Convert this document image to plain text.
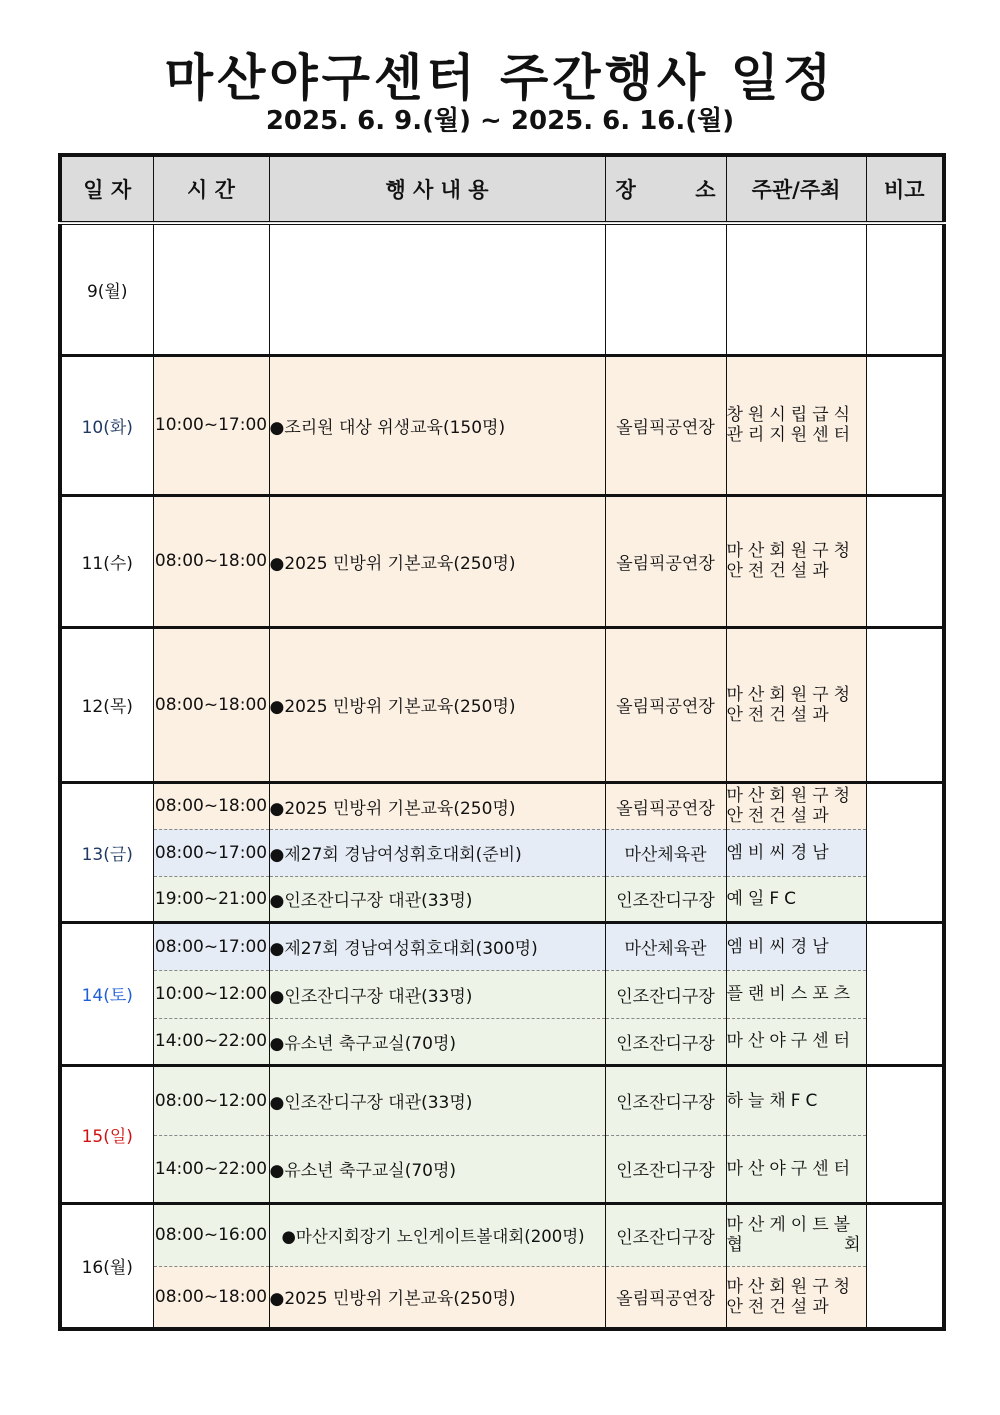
마산야구센터 주간행사 일정
2025. 6. 9.(월) ~ 2025. 6. 16.(월)
일 자	시 간	행 사 내 용	장 소	주관/주최	비고
9(월)					
10(화)	10:00~17:00	●조리원 대상 위생교육(150명)	올림픽공연장	창원시립급식
관리지원센터	

11(수)	08:00~18:00	●2025 민방위 기본교육(250명)	올림픽공연장	마산회원구청
안전건설과	

12(목)	08:00~18:00	●2025 민방위 기본교육(250명)	올림픽공연장	마산회원구청
안전건설과	

13(금)	08:00~18:00	●2025 민방위 기본교육(250명)	올림픽공연장	마산회원구청
안전건설과	

	08:00~17:00	●제27회 경남여성휘호대회(준비)	마산체육관	엠비씨경남	
	19:00~21:00	●인조잔디구장 대관(33명)	인조잔디구장	예일FC	
14(토)	08:00~17:00	●제27회 경남여성휘호대회(300명)	마산체육관	엠비씨경남	
	10:00~12:00	●인조잔디구장 대관(33명)	인조잔디구장	플랜비스포츠	
	14:00~22:00	●유소년 축구교실(70명)	인조잔디구장	마산야구센터	
15(일)	08:00~12:00	●인조잔디구장 대관(33명)	인조잔디구장	하늘채FC	
	14:00~22:00	●유소년 축구교실(70명)	인조잔디구장	마산야구센터	
16(월)	08:00~16:00	●마산지회장기 노인게이트볼대회(200명)	인조잔디구장	마산게이트볼
협 회	

	08:00~18:00	●2025 민방위 기본교육(250명)	올림픽공연장	마산회원구청
안전건설과	
